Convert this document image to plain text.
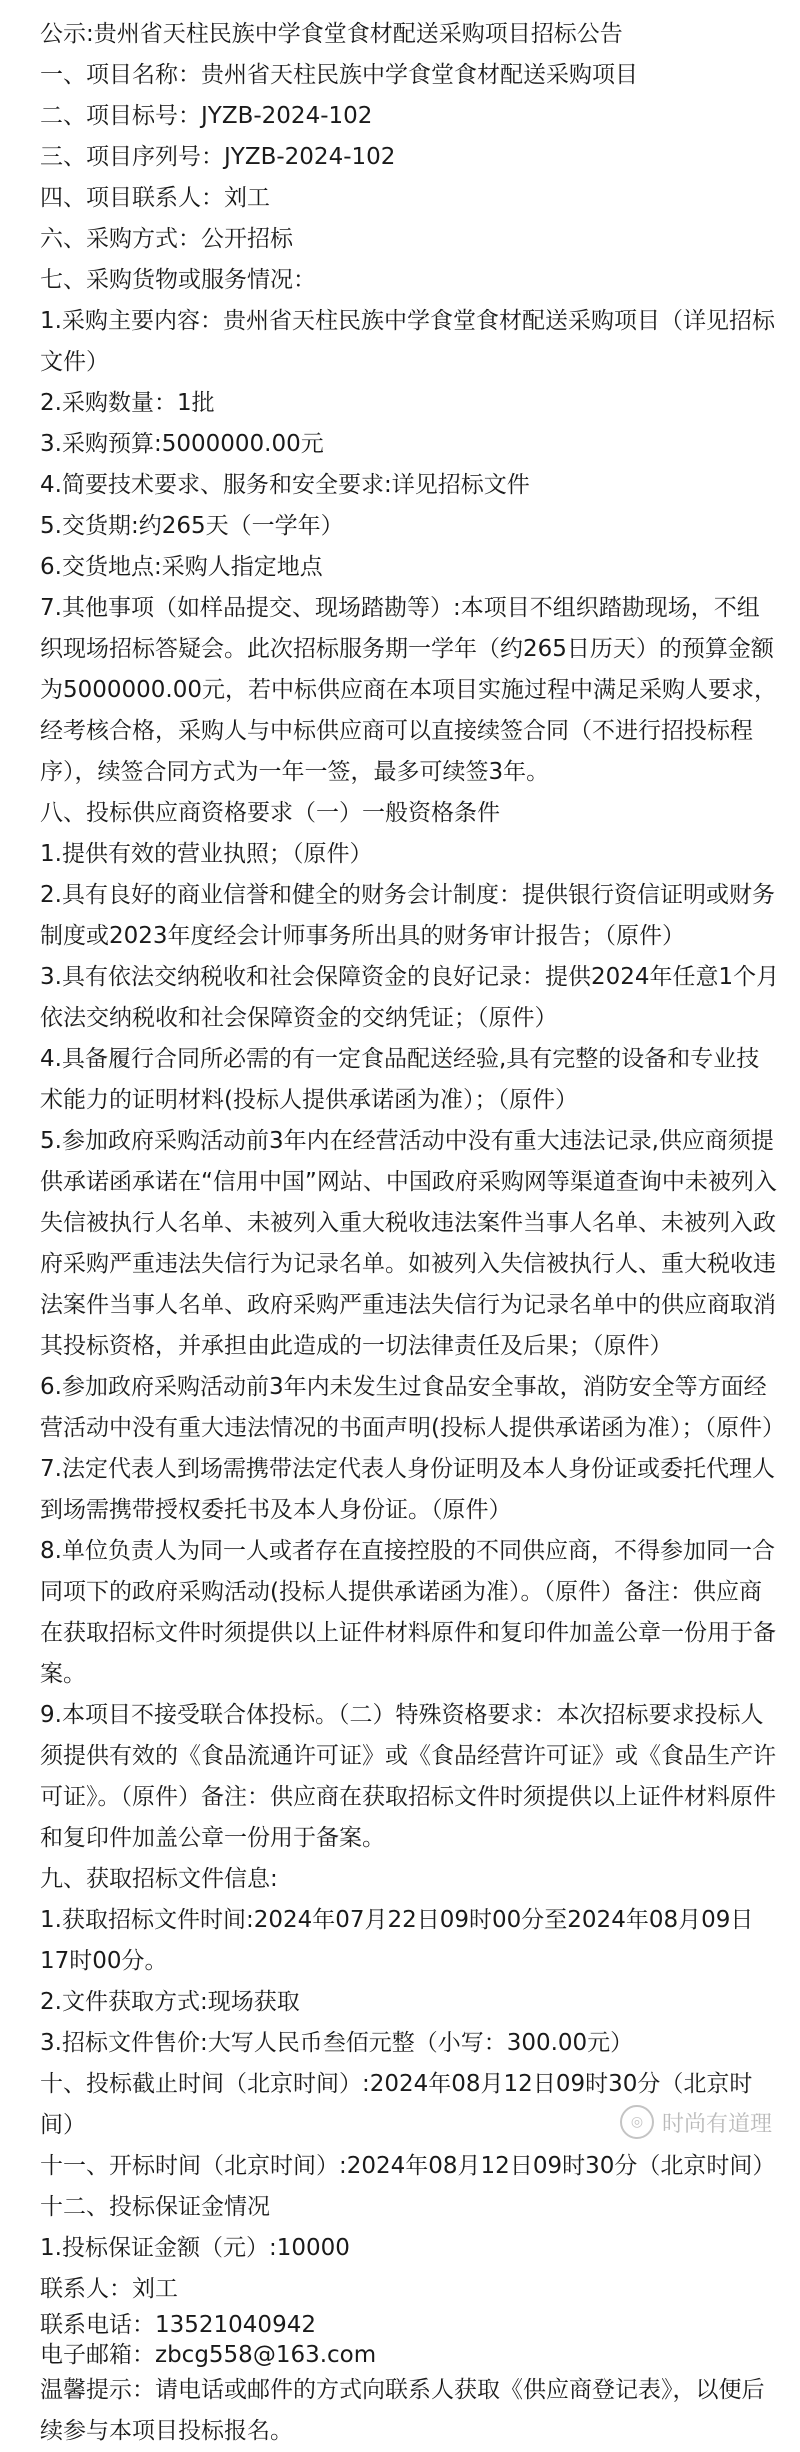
公示:贵州省天柱民族中学食堂食材配送采购项目招标公告

一、项目名称：贵州省天柱民族中学食堂食材配送采购项目

二、项目标号：JYZB-2024-102

三、项目序列号：JYZB-2024-102

四、项目联系人：刘工

六、采购方式：公开招标

七、采购货物或服务情况：

1.采购主要内容：贵州省天柱民族中学食堂食材配送采购项目（详见招标文件）

2.采购数量：1批

3.采购预算:5000000.00元

4.简要技术要求、服务和安全要求:详见招标文件

5.交货期:约265天（一学年）

6.交货地点:采购人指定地点

7.其他事项（如样品提交、现场踏勘等）:本项目不组织踏勘现场，不组织现场招标答疑会。此次招标服务期一学年（约265日历天）的预算金额为5000000.00元，若中标供应商在本项目实施过程中满足采购人要求，经考核合格，采购人与中标供应商可以直接续签合同（不进行招投标程序），续签合同方式为一年一签，最多可续签3年。

八、投标供应商资格要求（一）一般资格条件

1.提供有效的营业执照；（原件）

2.具有良好的商业信誉和健全的财务会计制度：提供银行资信证明或财务制度或2023年度经会计师事务所出具的财务审计报告；（原件）

3.具有依法交纳税收和社会保障资金的良好记录：提供2024年任意1个月依法交纳税收和社会保障资金的交纳凭证；（原件）

4.具备履行合同所必需的有一定食品配送经验,具有完整的设备和专业技术能力的证明材料(投标人提供承诺函为准）；（原件）

5.参加政府采购活动前3年内在经营活动中没有重大违法记录,供应商须提供承诺函承诺在“信用中国”网站、中国政府采购网等渠道查询中未被列入失信被执行人名单、未被列入重大税收违法案件当事人名单、未被列入政府采购严重违法失信行为记录名单。如被列入失信被执行人、重大税收违法案件当事人名单、政府采购严重违法失信行为记录名单中的供应商取消其投标资格，并承担由此造成的一切法律责任及后果；（原件）

6.参加政府采购活动前3年内未发生过食品安全事故，消防安全等方面经营活动中没有重大违法情况的书面声明(投标人提供承诺函为准）；（原件）

7.法定代表人到场需携带法定代表人身份证明及本人身份证或委托代理人到场需携带授权委托书及本人身份证。（原件）

8.单位负责人为同一人或者存在直接控股的不同供应商，不得参加同一合同项下的政府采购活动(投标人提供承诺函为准）。（原件）备注：供应商在获取招标文件时须提供以上证件材料原件和复印件加盖公章一份用于备案。

9.本项目不接受联合体投标。（二）特殊资格要求：本次招标要求投标人须提供有效的《食品流通许可证》或《食品经营许可证》或《食品生产许可证》。（原件）备注：供应商在获取招标文件时须提供以上证件材料原件和复印件加盖公章一份用于备案。

九、获取招标文件信息:

1.获取招标文件时间:2024年07月22日09时00分至2024年08月09日17时00分。

2.文件获取方式:现场获取

3.招标文件售价:大写人民币叁佰元整（小写：300.00元）

十、投标截止时间（北京时间）:2024年08月12日09时30分（北京时间）

十一、开标时间（北京时间）:2024年08月12日09时30分（北京时间）十二、投标保证金情况

1.投标保证金额（元）:10000

联系人：刘工

联系电话：13521040942

电子邮箱：zbcg558@163.com

温馨提示：请电话或邮件的方式向联系人获取《供应商登记表》，以便后续参与本项目投标报名。

◎ 时尚有道理
